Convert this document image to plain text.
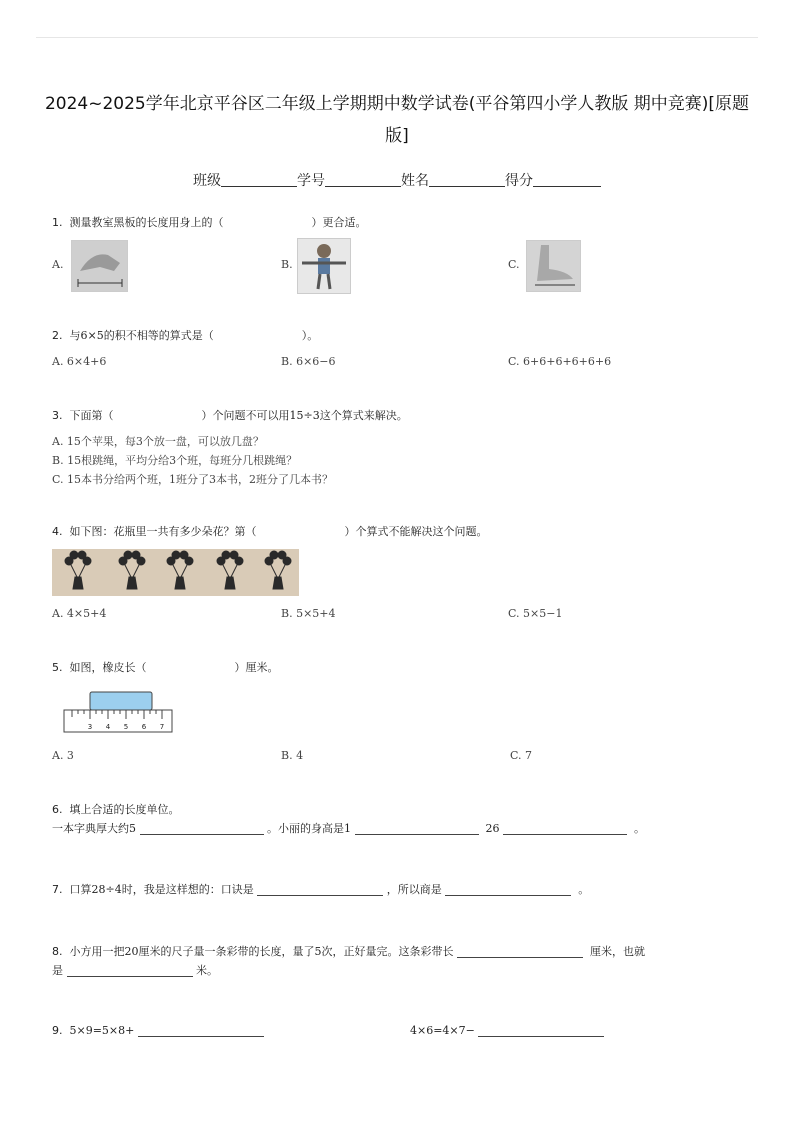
2024~2025学年北京平谷区二年级上学期期中数学试卷(平谷第四小学人教版 期中竞赛)[原题
版]
班级	学号	姓名	得分
1. 测量教室黑板的长度用身上的（	）更合适。
A.	B.	C.
2. 与6×5的积不相等的算式是（	）。
A. 6×4+6	B. 6×6−6	C. 6+6+6+6+6+6
3. 下面第（	）个问题不可以用15÷3这个算式来解决。
A. 15个苹果，每3个放一盘，可以放几盘？
B. 15根跳绳，平均分给3个班，每班分几根跳绳？
C. 15本书分给两个班，1班分了3本书，2班分了几本书？
4. 如下图：花瓶里一共有多少朵花？第（	）个算式不能解决这个问题。
A. 4×5+4	B. 5×5+4	C. 5×5−1
5. 如图，橡皮长（	）厘米。
3 4 5 6 7
A. 3	B. 4	C. 7
6. 填上合适的长度单位。
一本字典厚大约5	。小丽的身高是1	26	。
7. 口算28÷4时，我是这样想的：口诀是	，所以商是	。
8. 小方用一把20厘米的尺子量一条彩带的长度，量了5次，正好量完。这条彩带长	厘米，也就
是	米。
9. 5×9=5×8+	4×6=4×7−
